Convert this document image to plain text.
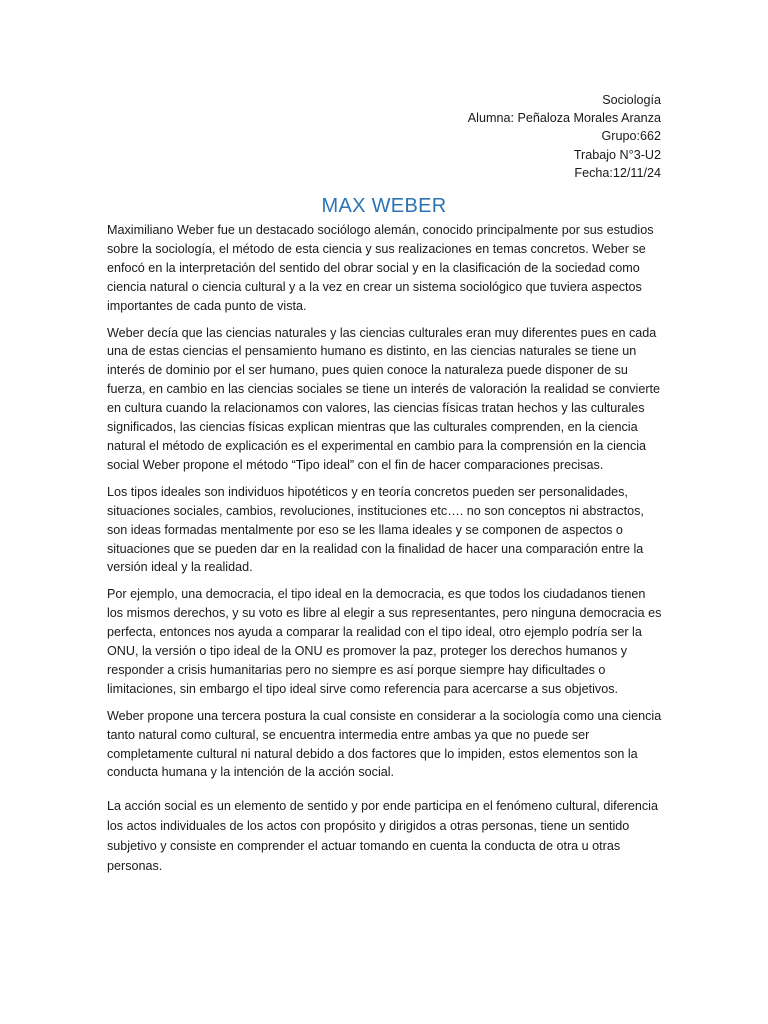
Sociología
Alumna: Peñaloza Morales Aranza
Grupo:662
Trabajo N°3-U2
Fecha:12/11/24
MAX WEBER

Maximiliano Weber fue un destacado sociólogo alemán, conocido principalmente por sus estudios sobre la sociología, el método de esta ciencia y sus realizaciones en temas concretos. Weber se enfocó en la interpretación del sentido del obrar social y en la clasificación de la sociedad como ciencia natural o ciencia cultural y a la vez en crear un sistema sociológico que tuviera aspectos importantes de cada punto de vista.

Weber decía que las ciencias naturales y las ciencias culturales eran muy diferentes pues en cada una de estas ciencias el pensamiento humano es distinto, en las ciencias naturales se tiene un interés de dominio por el ser humano, pues quien conoce la naturaleza puede disponer de su fuerza, en cambio en las ciencias sociales se tiene un interés de valoración la realidad se convierte en cultura cuando la relacionamos con valores, las ciencias físicas tratan hechos y las culturales significados, las ciencias físicas explican mientras que las culturales comprenden, en la ciencia natural el método de explicación es el experimental en cambio para la comprensión en la ciencia social Weber propone el método “Tipo ideal” con el fin de hacer comparaciones precisas.

Los tipos ideales son individuos hipotéticos y en teoría concretos pueden ser personalidades, situaciones sociales, cambios, revoluciones, instituciones etc…. no son conceptos ni abstractos, son ideas formadas mentalmente por eso se les llama ideales y se componen de aspectos o situaciones que se pueden dar en la realidad con la finalidad de hacer una comparación entre la versión ideal y la realidad.

Por ejemplo, una democracia, el tipo ideal en la democracia, es que todos los ciudadanos tienen los mismos derechos, y su voto es libre al elegir a sus representantes, pero ninguna democracia es perfecta, entonces nos ayuda a comparar la realidad con el tipo ideal, otro ejemplo podría ser la ONU, la versión o tipo ideal de la ONU es promover la paz, proteger los derechos humanos y responder a crisis humanitarias pero no siempre es así porque siempre hay dificultades o limitaciones, sin embargo el tipo ideal sirve como referencia para acercarse a sus objetivos.

Weber propone una tercera postura la cual consiste en considerar a la sociología como una ciencia tanto natural como cultural, se encuentra intermedia entre ambas ya que no puede ser completamente cultural ni natural debido a dos factores que lo impiden, estos elementos son la conducta humana y la intención de la acción social.

La acción social es un elemento de sentido y por ende participa en el fenómeno cultural, diferencia los actos individuales de los actos con propósito y dirigidos a otras personas, tiene un sentido subjetivo y consiste en comprender el actuar tomando en cuenta la conducta de otra u otras personas.
